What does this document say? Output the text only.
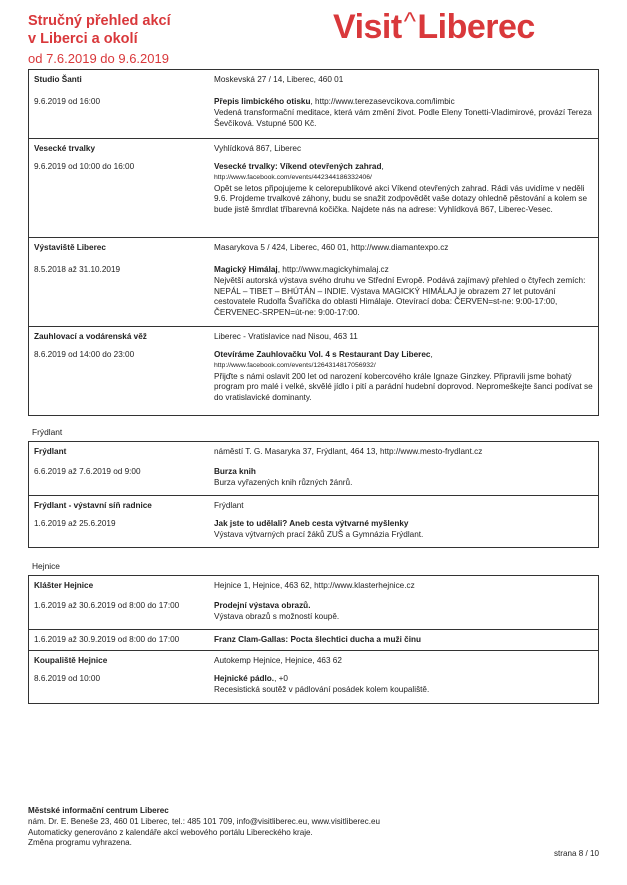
Stručný přehled akcí
v Liberci a okolí
od 7.6.2019 do 9.6.2019
Visit^Liberec
Studio Šanti	Moskevská 27 / 14, Liberec, 460 01
9.6.2019 od 16:00	Přepis limbického otisku, http://www.terezasevcikova.com/limbic
Vedená transformační meditace, která vám změní život. Podle Eleny Tonetti-Vladimirové, provází Tereza Ševčíková. Vstupné 500 Kč.
Vesecké trvalky	Vyhlídková 867, Liberec
9.6.2019 od 10:00 do 16:00	Vesecké trvalky: Víkend otevřených zahrad,
http://www.facebook.com/events/442344186332406/
Opět se letos připojujeme k celorepublikové akci Víkend otevřených zahrad. Rádi vás uvidíme v neděli 9.6. Projdeme trvalkové záhony, budu se snažit zodpovědět vaše dotazy ohledně pěstování a kolem se bude jistě šmrdlat tříbarevná kočička. Najdete nás na adrese: Vyhlídková 867, Liberec-Vesec.
Výstaviště Liberec	Masarykova 5 / 424, Liberec, 460 01, http://www.diamantexpo.cz
8.5.2018 až 31.10.2019	Magický Himálaj, http://www.magickyhimalaj.cz
Největší autorská výstava svého druhu ve Střední Evropě. Podává zajímavý přehled o čtyřech zemích: NEPÁL – TIBET – BHÚTÁN – INDIE. Výstava MAGICKÝ HIMÁLAJ je obrazem 27 let putování cestovatele Rudolfa Švaříčka do oblasti Himálaje. Otevírací doba: ČERVEN=st-ne: 9:00-17:00, ČERVENEC-SRPEN=út-ne: 9:00-17:00.
Zauhlovací a vodárenská věž	Liberec - Vratislavice nad Nisou, 463 11
8.6.2019 od 14:00 do 23:00	Otevíráme Zauhlovačku Vol. 4 s Restaurant Day Liberec,
http://www.facebook.com/events/1264314817056932/
Přijďte s námi oslavit 200 let od narození kobercového krále Ignaze Ginzkey. Připravili jsme bohatý program pro malé i velké, skvělé jídlo i pití a parádní hudební doprovod. Nepromeškejte šanci podívat se do vratislavické dominanty.
Frýdlant
Frýdlant	náměstí T. G. Masaryka 37, Frýdlant, 464 13, http://www.mesto-frydlant.cz
6.6.2019 až 7.6.2019 od 9:00	Burza knih
Burza vyřazených knih různých žánrů.
Frýdlant - výstavní síň radnice	Frýdlant
1.6.2019 až 25.6.2019	Jak jste to udělali? Aneb cesta výtvarné myšlenky
Výstava výtvarných prací žáků ZUŠ a Gymnázia Frýdlant.
Hejnice
Klášter Hejnice	Hejnice 1, Hejnice, 463 62, http://www.klasterhejnice.cz
1.6.2019 až 30.6.2019 od 8:00 do 17:00	Prodejní výstava obrazů.
Výstava obrazů s možností koupě.
1.6.2019 až 30.9.2019 od 8:00 do 17:00	Franz Clam-Gallas: Pocta šlechtici ducha a muži činu
Koupaliště Hejnice	Autokemp Hejnice, Hejnice, 463 62
8.6.2019 od 10:00	Hejnické pádlo., +0
Recesistická soutěž v pádlování posádek kolem koupaliště.
Městské informační centrum Liberec
nám. Dr. E. Beneše 23, 460 01 Liberec, tel.: 485 101 709, info@visitliberec.eu, www.visitliberec.eu
Automaticky generováno z kalendáře akcí webového portálu Libereckého kraje.
Změna programu vyhrazena.
strana 8 / 10
